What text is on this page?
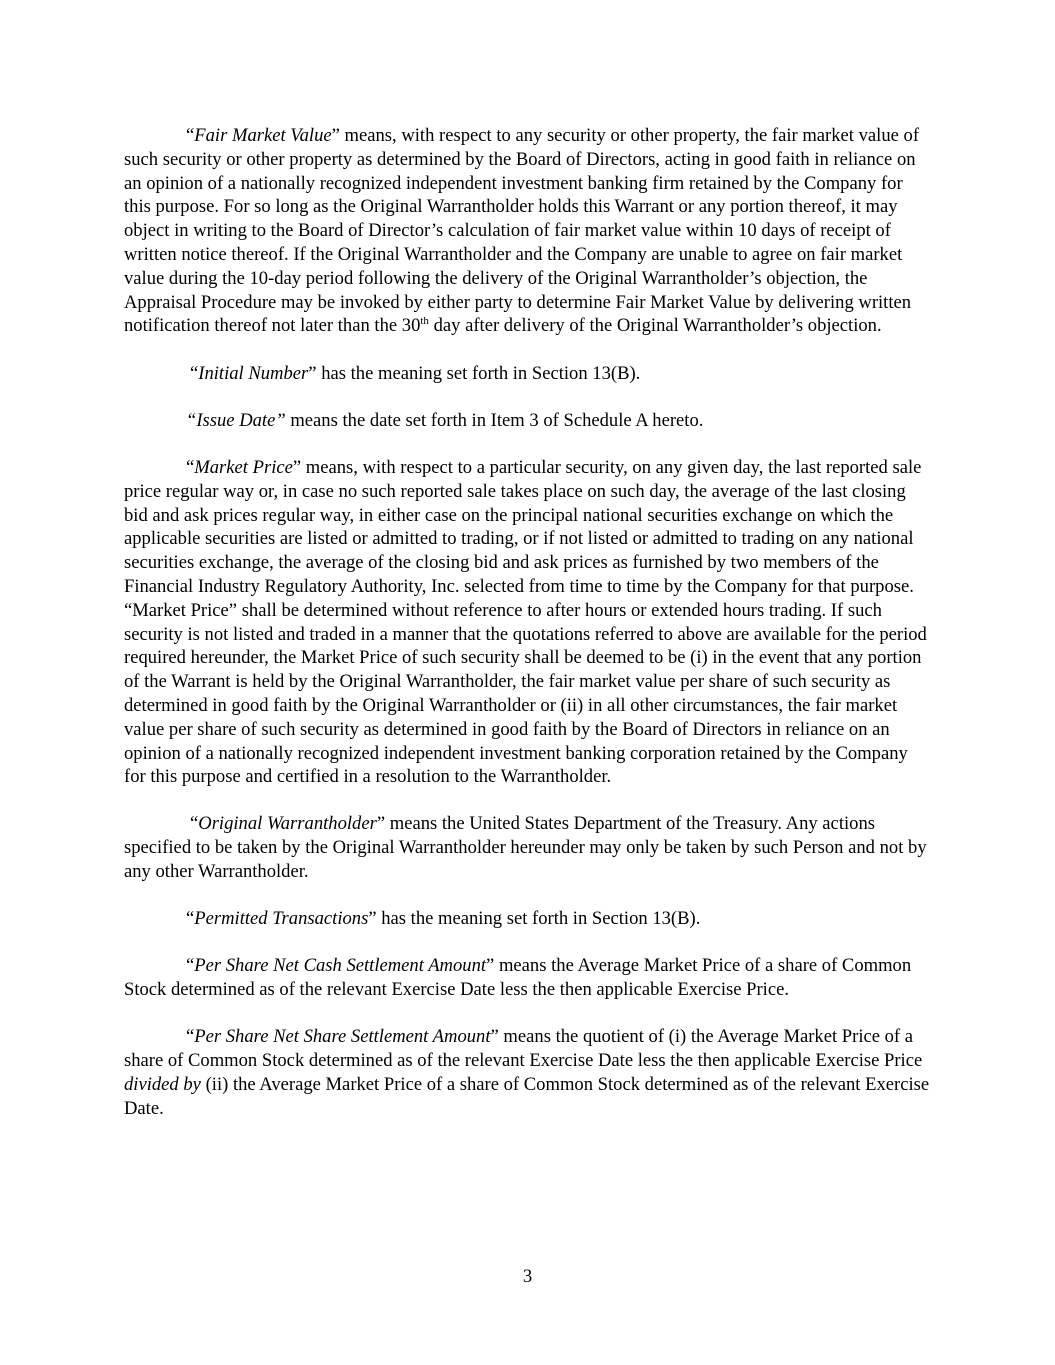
“Fair Market Value” means, with respect to any security or other property, the fair market value of such security or other property as determined by the Board of Directors, acting in good faith in reliance on an opinion of a nationally recognized independent investment banking firm retained by the Company for this purpose. For so long as the Original Warrantholder holds this Warrant or any portion thereof, it may object in writing to the Board of Director’s calculation of fair market value within 10 days of receipt of written notice thereof. If the Original Warrantholder and the Company are unable to agree on fair market value during the 10-day period following the delivery of the Original Warrantholder’s objection, the Appraisal Procedure may be invoked by either party to determine Fair Market Value by delivering written notification thereof not later than the 30th day after delivery of the Original Warrantholder’s objection.

“Initial Number” has the meaning set forth in Section 13(B).

“Issue Date” means the date set forth in Item 3 of Schedule A hereto.

“Market Price” means, with respect to a particular security, on any given day, the last reported sale price regular way or, in case no such reported sale takes place on such day, the average of the last closing bid and ask prices regular way, in either case on the principal national securities exchange on which the applicable securities are listed or admitted to trading, or if not listed or admitted to trading on any national securities exchange, the average of the closing bid and ask prices as furnished by two members of the Financial Industry Regulatory Authority, Inc. selected from time to time by the Company for that purpose. “Market Price” shall be determined without reference to after hours or extended hours trading. If such security is not listed and traded in a manner that the quotations referred to above are available for the period required hereunder, the Market Price of such security shall be deemed to be (i) in the event that any portion of the Warrant is held by the Original Warrantholder, the fair market value per share of such security as determined in good faith by the Original Warrantholder or (ii) in all other circumstances, the fair market value per share of such security as determined in good faith by the Board of Directors in reliance on an opinion of a nationally recognized independent investment banking corporation retained by the Company for this purpose and certified in a resolution to the Warrantholder.

“Original Warrantholder” means the United States Department of the Treasury. Any actions specified to be taken by the Original Warrantholder hereunder may only be taken by such Person and not by any other Warrantholder.

“Permitted Transactions” has the meaning set forth in Section 13(B).

“Per Share Net Cash Settlement Amount” means the Average Market Price of a share of Common Stock determined as of the relevant Exercise Date less the then applicable Exercise Price.

“Per Share Net Share Settlement Amount” means the quotient of (i) the Average Market Price of a share of Common Stock determined as of the relevant Exercise Date less the then applicable Exercise Price divided by (ii) the Average Market Price of a share of Common Stock determined as of the relevant Exercise Date.

3
